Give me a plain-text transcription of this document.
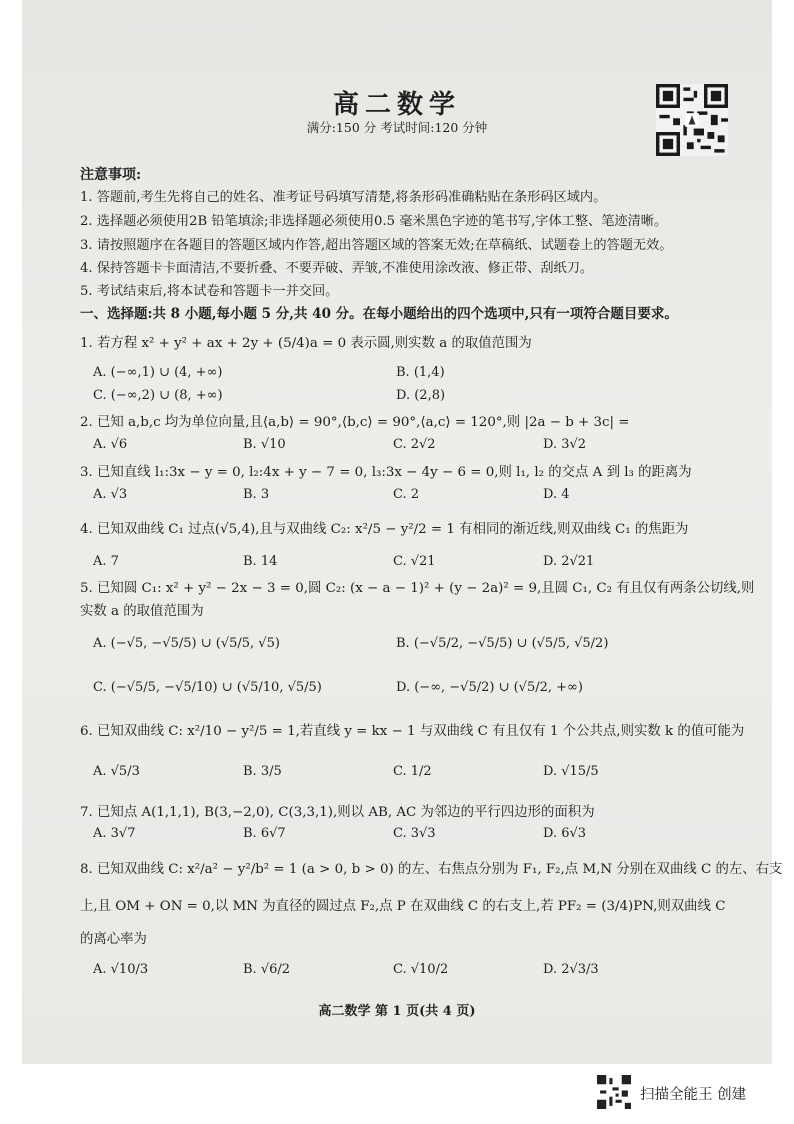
高二数学
满分:150 分 考试时间:120 分钟
注意事项:
1. 答题前,考生先将自己的姓名、准考证号码填写清楚,将条形码准确粘贴在条形码区域内。
2. 选择题必须使用2B 铅笔填涂;非选择题必须使用0.5 毫米黑色字迹的笔书写,字体工整、笔迹清晰。
3. 请按照题序在各题目的答题区域内作答,超出答题区域的答案无效;在草稿纸、试题卷上的答题无效。
4. 保持答题卡卡面清洁,不要折叠、不要弄破、弄皱,不准使用涂改液、修正带、刮纸刀。
5. 考试结束后,将本试卷和答题卡一并交回。
一、选择题:共 8 小题,每小题 5 分,共 40 分。在每小题给出的四个选项中,只有一项符合题目要求。
1. 若方程 x² + y² + ax + 2y + (5/4)a = 0 表示圆,则实数 a 的取值范围为
A. (−∞,1) ∪ (4, +∞)	B. (1,4)
C. (−∞,2) ∪ (8, +∞)	D. (2,8)
2. 已知 a,b,c 均为单位向量,且⟨a,b⟩ = 90°,⟨b,c⟩ = 90°,⟨a,c⟩ = 120°,则 |2a − b + 3c| =
A. √6	B. √10	C. 2√2	D. 3√2
3. 已知直线 l₁:3x − y = 0, l₂:4x + y − 7 = 0, l₃:3x − 4y − 6 = 0,则 l₁, l₂ 的交点 A 到 l₃ 的距离为
A. √3	B. 3	C. 2	D. 4
4. 已知双曲线 C₁ 过点(√5,4),且与双曲线 C₂: x²/5 − y²/2 = 1 有相同的渐近线,则双曲线 C₁ 的焦距为
A. 7	B. 14	C. √21	D. 2√21
5. 已知圆 C₁: x² + y² − 2x − 3 = 0,圆 C₂: (x − a − 1)² + (y − 2a)² = 9,且圆 C₁, C₂ 有且仅有两条公切线,则
实数 a 的取值范围为
A. (−√5, −√5/5) ∪ (√5/5, √5)	B. (−√5/2, −√5/5) ∪ (√5/5, √5/2)
C. (−√5/5, −√5/10) ∪ (√5/10, √5/5)	D. (−∞, −√5/2) ∪ (√5/2, +∞)
6. 已知双曲线 C: x²/10 − y²/5 = 1,若直线 y = kx − 1 与双曲线 C 有且仅有 1 个公共点,则实数 k 的值可能为
A. √5/3	B. 3/5	C. 1/2	D. √15/5
7. 已知点 A(1,1,1), B(3,−2,0), C(3,3,1),则以 AB, AC 为邻边的平行四边形的面积为
A. 3√7	B. 6√7	C. 3√3	D. 6√3
8. 已知双曲线 C: x²/a² − y²/b² = 1 (a > 0, b > 0) 的左、右焦点分别为 F₁, F₂,点 M,N 分别在双曲线 C 的左、右支
上,且 OM + ON = 0,以 MN 为直径的圆过点 F₂,点 P 在双曲线 C 的右支上,若 PF₂ = (3/4)PN,则双曲线 C
的离心率为
A. √10/3	B. √6/2	C. √10/2	D. 2√3/3
高二数学 第 1 页(共 4 页)
扫描全能王 创建
